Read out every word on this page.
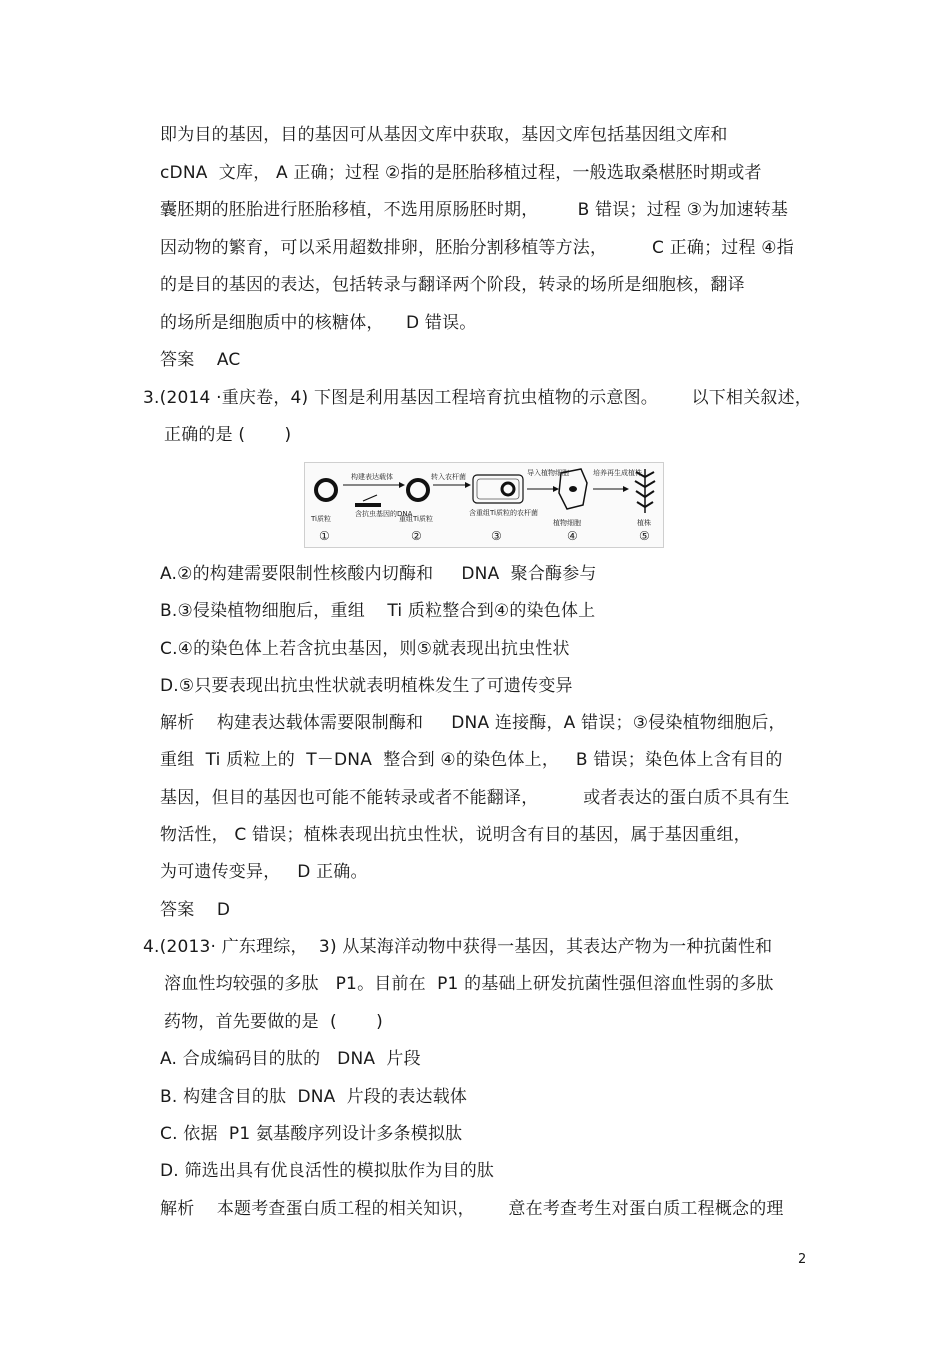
即为目的基因，目的基因可从基因文库中获取，基因文库包括基因组文库和
cDNA  文库， A 正确；过程 ②指的是胚胎移植过程，一般选取桑椹胚时期或者
囊胚期的胚胎进行胚胎移植，不选用原肠胚时期，       B 错误；过程 ③为加速转基
因动物的繁育，可以采用超数排卵，胚胎分割移植等方法，        C 正确；过程 ④指
的是目的基因的表达，包括转录与翻译两个阶段，转录的场所是细胞核，翻译
的场所是细胞质中的核糖体，    D 错误。
答案    AC
3.(2014 ·重庆卷，4) 下图是利用基因工程培育抗虫植物的示意图。      以下相关叙述，
正确的是 (       )
Ti质粒
①
构建表达载体
含抗虫基因的DNA
重组Ti质粒
②
转入农杆菌
含重组Ti质粒的农杆菌
③
导入植物细胞
植物细胞
④
培养再生成植株
植株
⑤
A.②的构建需要限制性核酸内切酶和     DNA  聚合酶参与
B.③侵染植物细胞后，重组    Ti 质粒整合到④的染色体上
C.④的染色体上若含抗虫基因，则⑤就表现出抗虫性状
D.⑤只要表现出抗虫性状就表明植株发生了可遗传变异
解析    构建表达载体需要限制酶和     DNA 连接酶，A 错误；③侵染植物细胞后，
重组  Ti 质粒上的  T－DNA  整合到 ④的染色体上，   B 错误；染色体上含有目的
基因，但目的基因也可能不能转录或者不能翻译，        或者表达的蛋白质不具有生
物活性， C 错误；植株表现出抗虫性状，说明含有目的基因，属于基因重组，
为可遗传变异，   D 正确。
答案    D
4.(2013· 广东理综，  3) 从某海洋动物中获得一基因，其表达产物为一种抗菌性和
溶血性均较强的多肽   P1。目前在  P1 的基础上研发抗菌性强但溶血性弱的多肽
药物，首先要做的是  (       )
A. 合成编码目的肽的   DNA  片段
B. 构建含目的肽  DNA  片段的表达载体
C. 依据  P1 氨基酸序列设计多条模拟肽
D. 筛选出具有优良活性的模拟肽作为目的肽
解析    本题考查蛋白质工程的相关知识，      意在考查考生对蛋白质工程概念的理
2
